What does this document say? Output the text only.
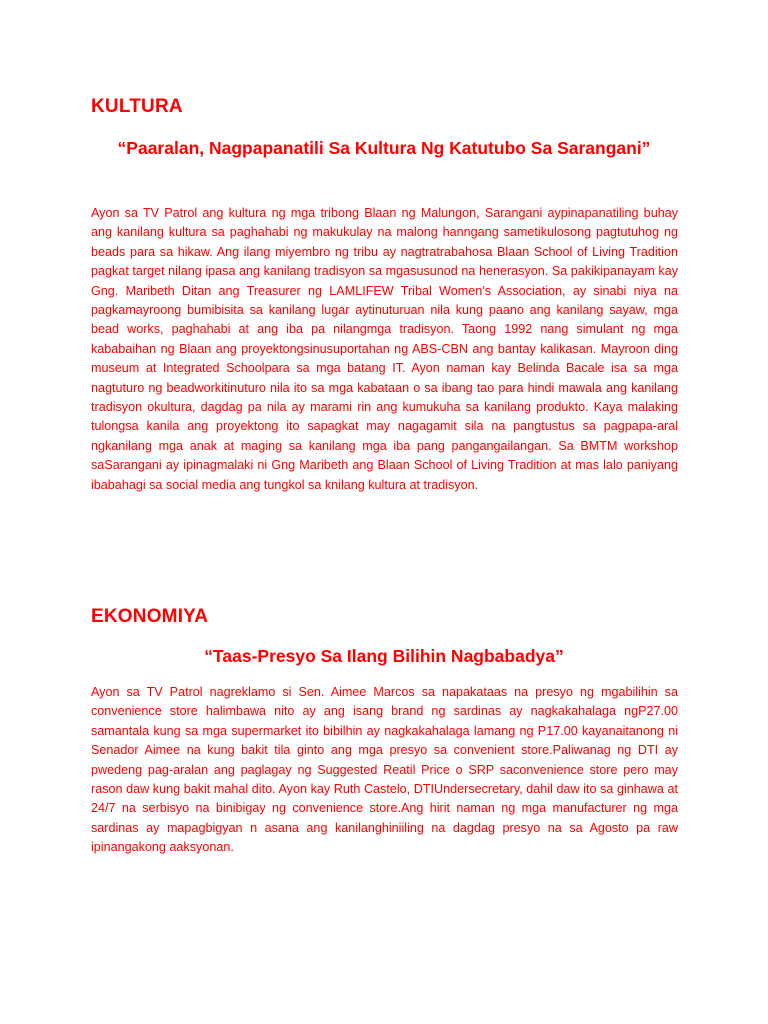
KULTURA
“Paaralan, Nagpapanatili Sa Kultura Ng Katutubo Sa Sarangani”

Ayon sa TV Patrol ang kultura ng mga tribong Blaan ng Malungon, Sarangani aypinapanatiling buhay ang kanilang kultura sa paghahabi ng makukulay na malong hanngang sametikulosong pagtutuhog ng beads para sa hikaw. Ang ilang miyembro ng tribu ay nagtratrabahosa Blaan School of Living Tradition pagkat target nilang ipasa ang kanilang tradisyon sa mgasusunod na henerasyon. Sa pakikipanayam kay Gng. Maribeth Ditan ang Treasurer ng LAMLIFEW Tribal Women’s Association, ay sinabi niya na pagkamayroong bumibisita sa kanilang lugar aytinuturuan nila kung paano ang kanilang sayaw, mga bead works, paghahabi at ang iba pa nilangmga tradisyon. Taong 1992 nang simulant ng mga kababaihan ng Blaan ang proyektongsinusuportahan ng ABS-CBN ang bantay kalikasan. Mayroon ding museum at Integrated Schoolpara sa mga batang IT. Ayon naman kay Belinda Bacale isa sa mga nagtuturo ng beadworkitinuturo nila ito sa mga kabataan o sa ibang tao para hindi mawala ang kanilang tradisyon okultura, dagdag pa nila ay marami rin ang kumukuha sa kanilang produkto. Kaya malaking tulongsa kanila ang proyektong ito sapagkat may nagagamit sila na pangtustus sa pagpapa-aral ngkanilang mga anak at maging sa kanilang mga iba pang pangangailangan. Sa BMTM workshop saSarangani ay ipinagmalaki ni Gng Maribeth ang Blaan School of Living Tradition at mas lalo paniyang ibabahagi sa social media ang tungkol sa knilang kultura at tradisyon.

EKONOMIYA
“Taas-Presyo Sa Ilang Bilihin Nagbabadya”

Ayon sa TV Patrol nagreklamo si Sen. Aimee Marcos sa napakataas na presyo ng mgabilihin sa convenience store halimbawa nito ay ang isang brand ng sardinas ay nagkakahalaga ngP27.00 samantala kung sa mga supermarket ito bibilhin ay nagkakahalaga lamang ng P17.00 kayanaitanong ni Senador Aimee na kung bakit tila ginto ang mga presyo sa convenient store.Paliwanag ng DTI ay pwedeng pag-aralan ang paglagay ng Suggested Reatil Price o SRP saconvenience store pero may rason daw kung bakit mahal dito. Ayon kay Ruth Castelo, DTIUndersecretary, dahil daw ito sa ginhawa at 24/7 na serbisyo na binibigay ng convenience store.Ang hirit naman ng mga manufacturer ng mga sardinas ay mapagbigyan n asana ang kanilanghiniiling na dagdag presyo na sa Agosto pa raw ipinangakong aaksyonan.
